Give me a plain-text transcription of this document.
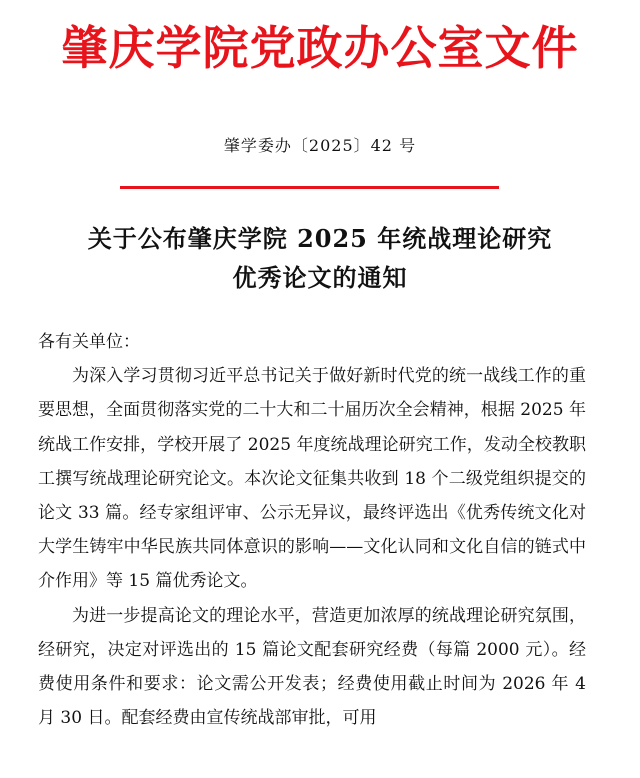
肇庆学院党政办公室文件
肇学委办〔2025〕42 号
关于公布肇庆学院 2025 年统战理论研究
优秀论文的通知

各有关单位：

为深入学习贯彻习近平总书记关于做好新时代党的统一战线工作的重要思想，全面贯彻落实党的二十大和二十届历次全会精神，根据 2025 年统战工作安排，学校开展了 2025 年度统战理论研究工作，发动全校教职工撰写统战理论研究论文。本次论文征集共收到 18 个二级党组织提交的论文 33 篇。经专家组评审、公示无异议，最终评选出《优秀传统文化对大学生铸牢中华民族共同体意识的影响——文化认同和文化自信的链式中介作用》等 15 篇优秀论文。

为进一步提高论文的理论水平，营造更加浓厚的统战理论研究氛围，经研究，决定对评选出的 15 篇论文配套研究经费（每篇 2000 元）。经费使用条件和要求：论文需公开发表；经费使用截止时间为 2026 年 4 月 30 日。配套经费由宣传统战部审批，可用
